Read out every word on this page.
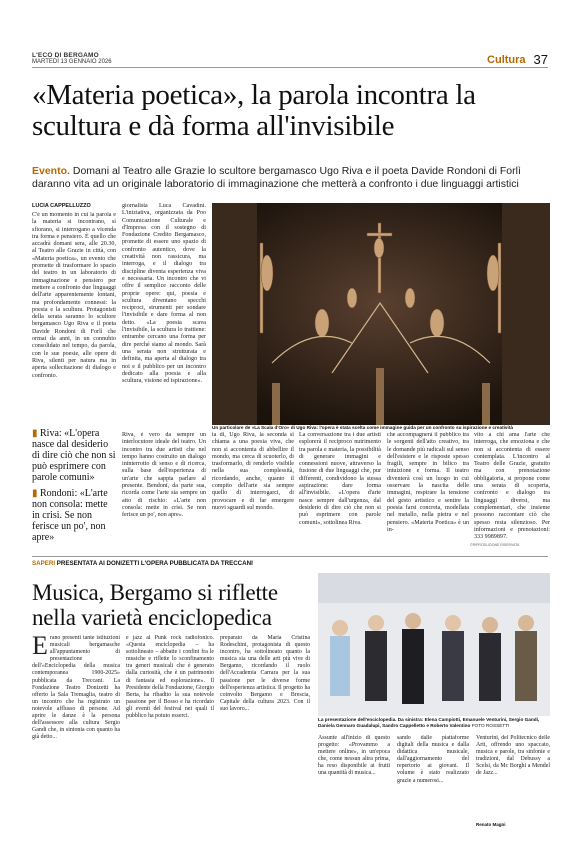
L'ECO DI BERGAMO
MARTEDÌ 13 GENNAIO 2026	Cultura 37
«Materia poetica», la parola incontra la scultura e dà forma all'invisibile
Evento. Domani al Teatro alle Grazie lo scultore bergamasco Ugo Riva e il poeta Davide Rondoni di Forlì daranno vita ad un originale laboratorio di immaginazione che metterà a confronto i due linguaggi artistici
LUCIA CAPPELLUZZO
C'è un momento in cui la parola e la materia si incontrano, si sfiorano, si interrogano a vicenda tra forma e pensiero. È quello che accadrà domani sera, alle 20.30, al Teatro alle Grazie in città, con «Materia poetica», un evento che promette di trasformare lo spazio del teatro in un laboratorio di immaginazione e pensiero per mettere a confronto due linguaggi dell'arte apparentemente lontani, ma profondamente connessi: la poesia e la scultura. Protagonisti della serata saranno lo scultore bergamasco Ugo Riva e il poeta Davide Rondoni di Forlì che ormai da anni, in un connubio consolidato nel tempo, da parola, con le sue poesie, alle opere di Riva, silenti per natura ma in aperta sollecitazione di dialogo e confronto.
giornalista Luca Cavadini. L'iniziativa, organizzata da Poo Comunicazione Culturale e d'Impresa con il sostegno di Fondazione Credito Bergamasco, promette di essere uno spazio di confronto autentico, dove la creatività non rassicura, ma interroga, e il dialogo tra discipline diventa esperienza viva e necessaria. Un incontro che vi offre il semplice racconto delle proprie opere: qui, poesia e scultura diventano specchi reciproci, strumenti per sondare l'invisibile e dare forma al non detto. «La poesia scava l'invisibile, la scultura lo trattiene: entrambe cercano una forma per dire perché siamo al mondo. Sarà una serata non strutturata e definita, ma aperta al dialogo tra noi e il pubblico per un incontro dedicato alla poesia e alla scultura, visione ed ispirazione».
▮ Riva: «L'opera nasce dal desiderio di dire ciò che non si può esprimere con parole comuni»
▮ Rondoni: «L'arte non consola: mette in crisi. Se non ferisce un po', non apre»
Un particolare de «La Scala d'Oro» di Ugo Riva: l'opera è stata scelta come immagine guida per un confronto su ispirazione e creatività
Riva, è vero da sempre un interlocutore ideale del teatro. Un incontro tra due artisti che nel tempo hanno costruito un dialogo ininterrotto di senso e di ricerca, sulla base dell'esperienza di un'arte che sappia parlare al presente. Bendoni, da parte sua, ricorda come l'arte sia sempre un atto di rischio: «L'arte non consola: mette in crisi. Se non ferisce un po', non apre».
ta di, Ugo Riva, la seconda si chiama a una poesia viva, che non si accontenta di abbellire il mondo, ma cerca di scuoterlo, di trasformarlo, di renderlo visibile nella sua complessità, ricordando, anche, quanto il compito dell'arte sia sempre quello di interrogarci, di provocare e di far emergere nuovi sguardi sul mondo.
La conversazione tra i due artisti esplorerà il reciproco nutrimento tra parola e materia, la possibilità di generare immagini e connessioni nuove, attraverso la fusione di due linguaggi che, pur differenti, condividono la stessa aspirazione: dare forma all'invisibile. «L'opera d'arte nasce sempre dall'urgenza, dal desiderio di dire ciò che non si può esprimere con parole comuni», sottolinea Riva.
che accompagnerà il pubblico tra le sorgenti dell'atto creativo, tra le domande più radicali sul senso dell'esistere e le risposte spesso fragili, sempre in bilico tra intuizione e forma. Il teatro diventerà così un luogo in cui osservare la nascita delle immagini, respirare la tensione del gesto artistico e sentire la poesia farsi concreta, modellata nel metallo, nella pietra e nel pensiero. «Materia Poetica» è un in-
vito a chi ama l'arte che interroga, che emoziona e che non si accontenta di essere contemplata. L'incontro al Teatro delle Grazie, gratuito ma con prenotazione obbligatoria, si propone come una serata di scoperta, confronto e dialogo tra linguaggi diversi, ma complementari, che insieme possono raccontare ciò che spesso resta silenzioso. Per informazioni e prenotazioni: 333 9989897.
©RIPRODUZIONE RISERVATA
SAPERI PRESENTATA AI DONIZETTI L'OPERA PUBBLICATA DA TRECCANI
Musica, Bergamo si riflette nella varietà enciclopedica
La presentazione dell'enciclopedia. Da sinistra: Elena Campiotti, Emanuele Venturini, Sergio Gandi, Daniela Gennaro Guadalupi, Sandro Cappelletto e Roberto Valentino FOTO ROSSETTI
Erano presenti tante istituzioni musicali bergamasche all'appuntamento di presentazione dell'«Enciclopedia della musica contemporanea 1900-2025» pubblicata da Treccani. La Fondazione Teatro Donizetti ha offerto la Sala Tremaglia, teatro di un incontro che ha registrato un notevole afflusso di persone. Ad aprire le danze è la persona dell'assessore alla cultura Sergio Gandi che, in sintonia con quanto ha già detto...
e jazz al Punk rock radiofonico. «Questa enciclopedia – ha sottolineato – abbatte i confini fra le musiche e riflette lo sconfinamento tra generi musicali che è generato dalla curiosità, che è un patrimonio di fantasia ed esplorazione». Il Presidente della Fondazione, Giorgio Berta, ha ribadito la sua notevole passione per il Bosso e ha ricordato gli eventi del festival nei quali il pubblico ha potuto esserci.
preparato da Maria Cristina Rodeschini, protagonista di questo incontro, ha sottolineato quanto la musica sia una delle arti più vive di Bergamo, ricordando il ruolo dell'Accademia Carrara per la sua passione per le diverse forme dell'esperienza artistica. Il progetto ha coinvolto Bergamo e Brescia, Capitale della cultura 2023. Con il suo lavoro...
Assunte all'inizio di questo progetto: «Provammo a mettere online», in un'epoca che, come nessun altra prima, ha reso disponibile ai frutti una quantità di musica...
sando dalle piattaforme digitali della musica e dalla didattica musicale, dall'aggiornamento del repertorio ai giovani. Il volume è stato realizzato grazie a numerosi...
Venturini, del Politecnico delle Arti, offrendo uno spaccato, musica e parole, tra sinfonie e tradizioni, dal Debussy a Scelsi, da Mc Borghi a Mendel de Jazz...
Renato Magni
